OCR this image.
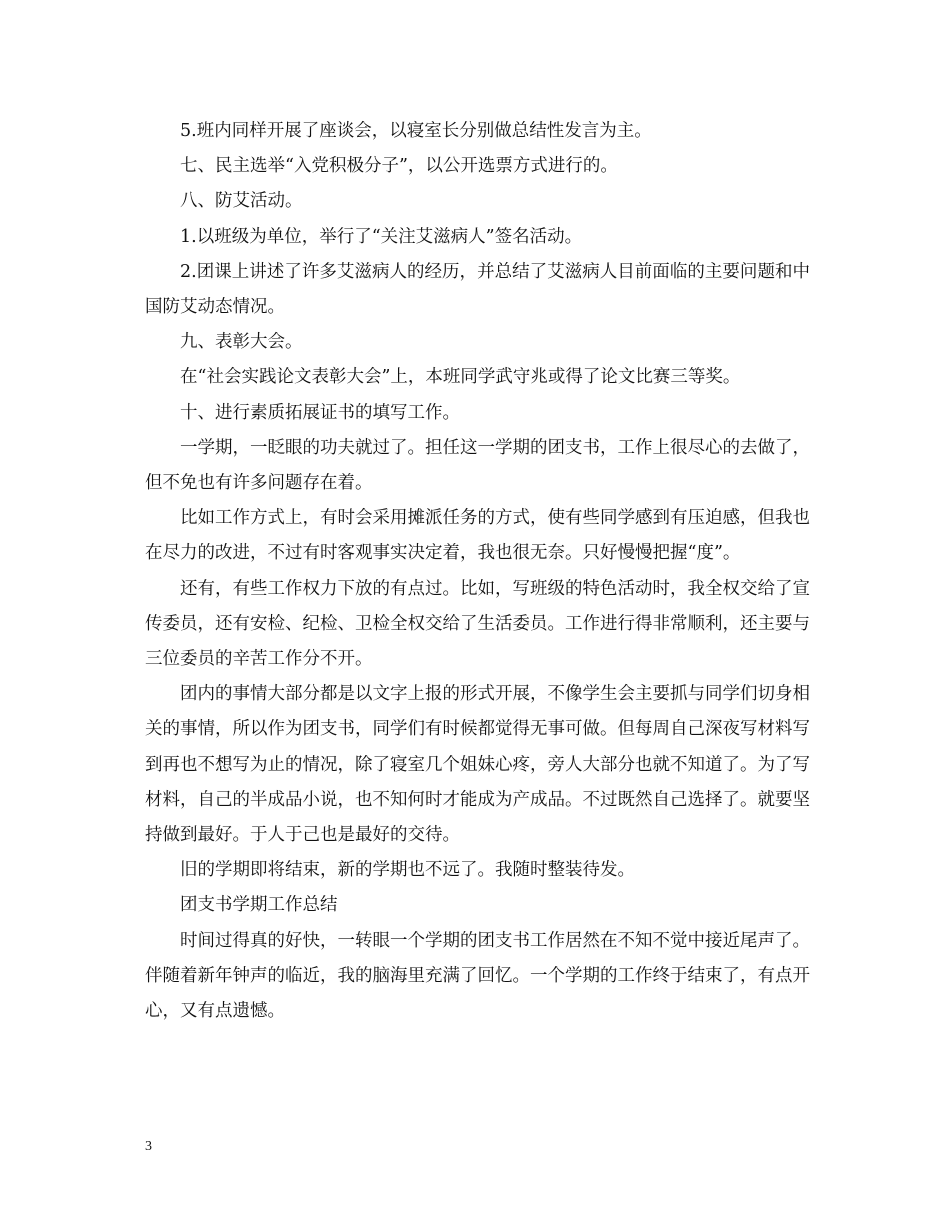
5.班内同样开展了座谈会，以寝室长分别做总结性发言为主。

七、民主选举“入党积极分子”，以公开选票方式进行的。

八、防艾活动。

1.以班级为单位，举行了“关注艾滋病人”签名活动。

2.团课上讲述了许多艾滋病人的经历，并总结了艾滋病人目前面临的主要问题和中国防艾动态情况。

九、表彰大会。

在“社会实践论文表彰大会”上，本班同学武守兆或得了论文比赛三等奖。

十、进行素质拓展证书的填写工作。

一学期，一眨眼的功夫就过了。担任这一学期的团支书，工作上很尽心的去做了，但不免也有许多问题存在着。

比如工作方式上，有时会采用摊派任务的方式，使有些同学感到有压迫感，但我也在尽力的改进，不过有时客观事实决定着，我也很无奈。只好慢慢把握“度”。

还有，有些工作权力下放的有点过。比如，写班级的特色活动时，我全权交给了宣传委员，还有安检、纪检、卫检全权交给了生活委员。工作进行得非常顺利，还主要与三位委员的辛苦工作分不开。

团内的事情大部分都是以文字上报的形式开展，不像学生会主要抓与同学们切身相关的事情，所以作为团支书，同学们有时候都觉得无事可做。但每周自己深夜写材料写到再也不想写为止的情况，除了寝室几个姐妹心疼，旁人大部分也就不知道了。为了写材料，自己的半成品小说，也不知何时才能成为产成品。不过既然自己选择了。就要坚持做到最好。于人于己也是最好的交待。

旧的学期即将结束，新的学期也不远了。我随时整装待发。

团支书学期工作总结

时间过得真的好快，一转眼一个学期的团支书工作居然在不知不觉中接近尾声了。伴随着新年钟声的临近，我的脑海里充满了回忆。一个学期的工作终于结束了，有点开心，又有点遗憾。

3
